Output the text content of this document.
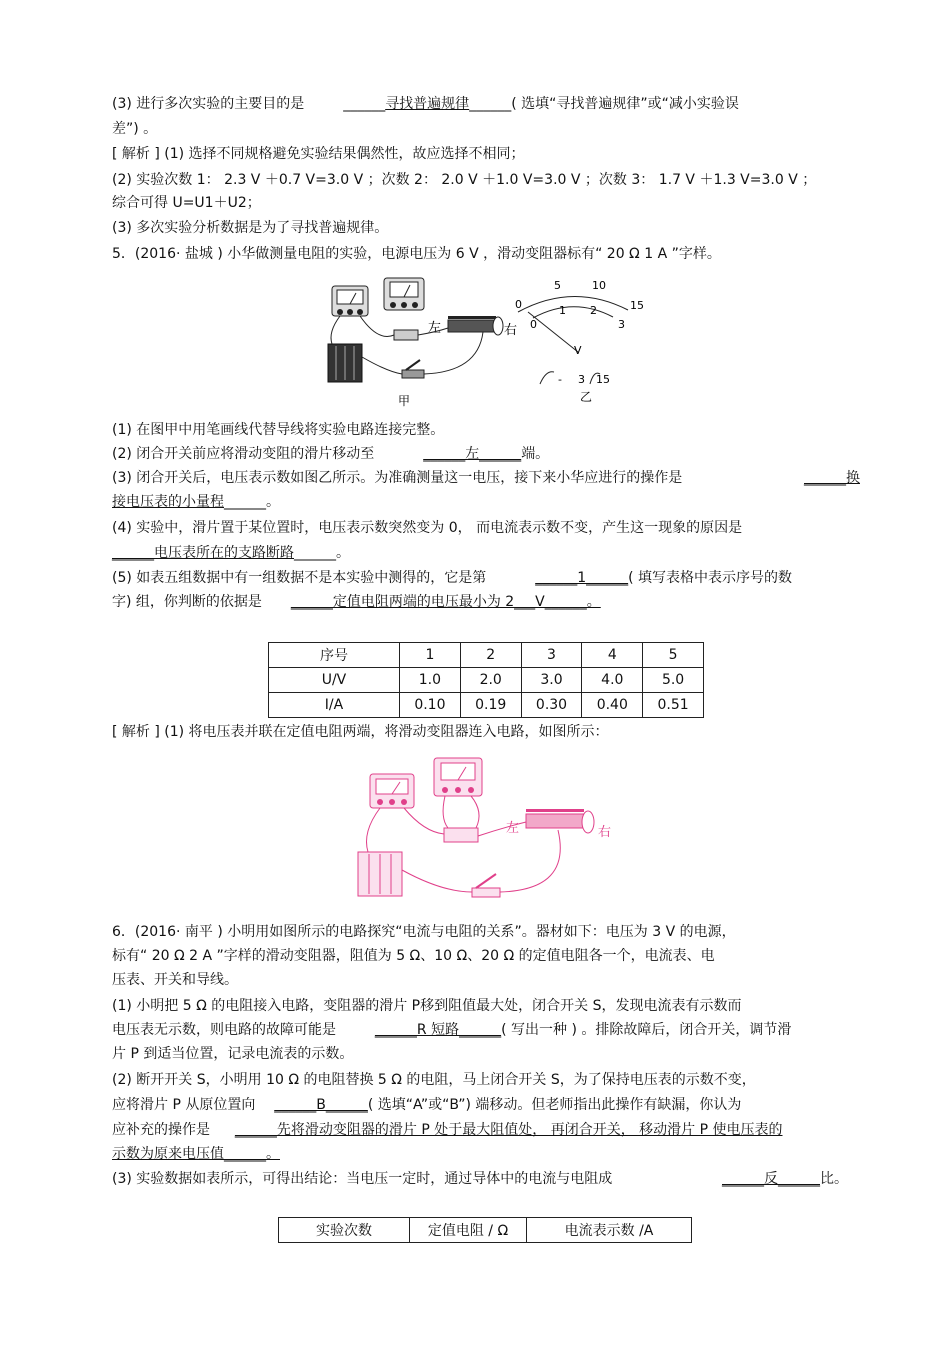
(3) 进行多次实验的主要目的是	______寻找普遍规律______( 选填“寻找普遍规律”或“减小实验误
差”) 。
[ 解析 ] (1) 选择不同规格避免实验结果偶然性，故应选择不相同；
(2) 实验次数 1： 2.3 V ＋0.7 V=3.0 V ；次数 2： 2.0 V ＋1.0 V=3.0 V ；次数 3： 1.7 V ＋1.3 V=3.0 V ；
综合可得 U=U1＋U2；
(3) 多次实验分析数据是为了寻找普遍规律。
5．(2016· 盐城 ) 小华做测量电阻的实验，电源电压为 6 V ，滑动变阻器标有“ 20 Ω 1 A ”字样。
左	右
甲
0
5	10
15
0
1 2
3
V
- 3 15
乙
(1) 在图甲中用笔画线代替导线将实验电路连接完整。
(2) 闭合开关前应将滑动变阻的滑片移动至	______左______端。
(3) 闭合开关后，电压表示数如图乙所示。为准确测量这一电压，接下来小华应进行的操作是	______换
接电压表的小量程______。
(4) 实验中，滑片置于某位置时，电压表示数突然变为 0， 而电流表示数不变，产生这一现象的原因是
______电压表所在的支路断路______。
(5) 如表五组数据中有一组数据不是本实验中测得的，它是第	______1______( 填写表格中表示序号的数
字) 组，你判断的依据是 ______定值电阻两端的电压最小为 2___V______。
序号	1	2	3	4	5
U/V	1.0	2.0	3.0	4.0	5.0
I/A	0.10	0.19	0.30	0.40	0.51
[ 解析 ] (1) 将电压表并联在定值电阻两端，将滑动变阻器连入电路，如图所示：
左	右
6．(2016· 南平 ) 小明用如图所示的电路探究“电流与电阻的关系”。器材如下：电压为 3 V 的电源，
标有“ 20 Ω 2 A ”字样的滑动变阻器，阻值为 5 Ω、10 Ω、20 Ω 的定值电阻各一个，电流表、电
压表、开关和导线。
(1) 小明把 5 Ω 的电阻接入电路，变阻器的滑片 P移到阻值最大处，闭合开关 S，发现电流表有示数而
电压表无示数，则电路的故障可能是	______R 短路______( 写出一种 ) 。排除故障后，闭合开关，调节滑
片 P 到适当位置，记录电流表的示数。
(2) 断开开关 S，小明用 10 Ω 的电阻替换 5 Ω 的电阻，马上闭合开关 S，为了保持电压表的示数不变，
应将滑片 P 从原位置向 ______B______( 选填“A”或“B”) 端移动。但老师指出此操作有缺漏，你认为
应补充的操作是 ______先将滑动变阻器的滑片 P 处于最大阻值处， 再闭合开关， 移动滑片 P 使电压表的
示数为原来电压值______。
(3) 实验数据如表所示，可得出结论：当电压一定时，通过导体中的电流与电阻成	______反______比。
实验次数	定值电阻 / Ω	电流表示数 /A
